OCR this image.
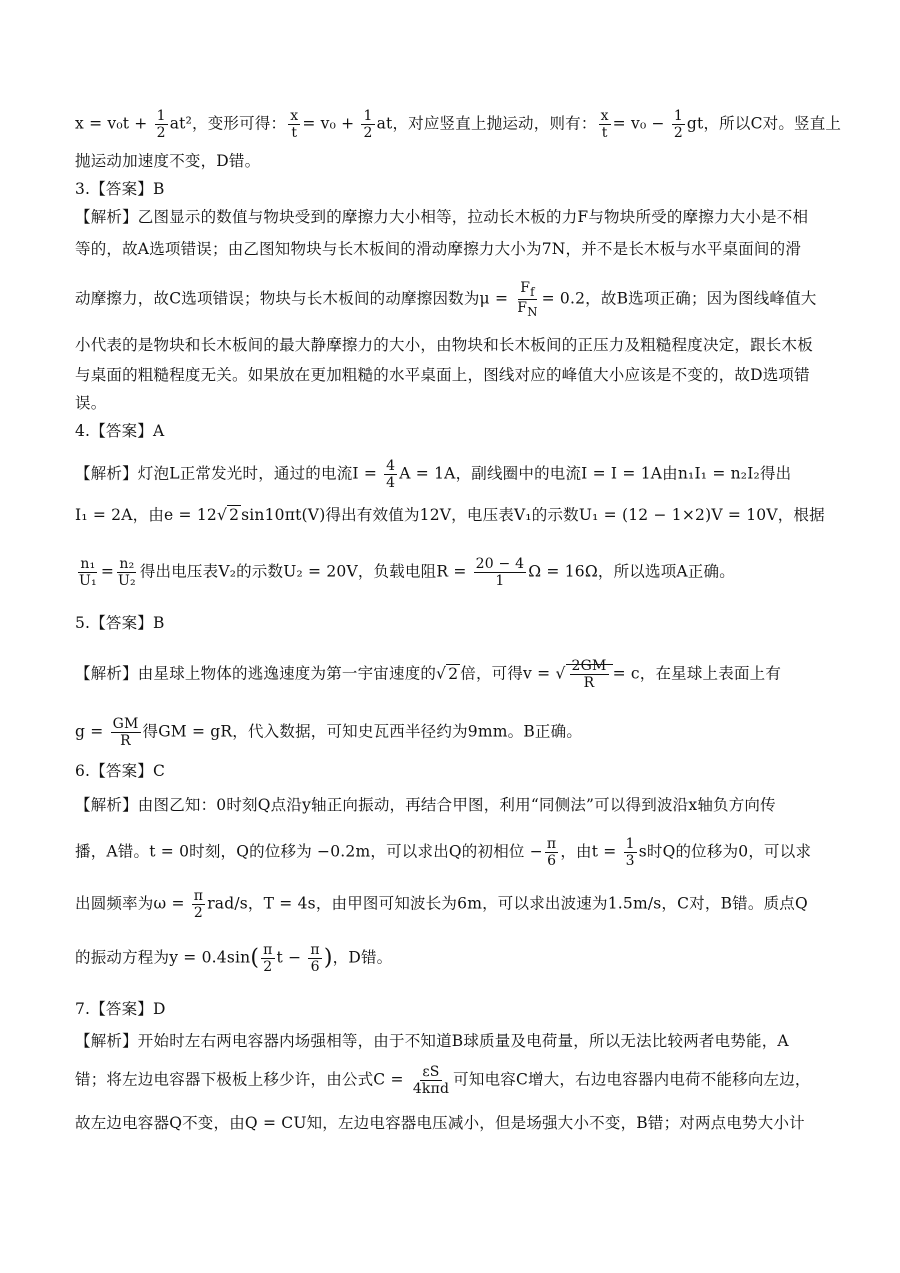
$x = v_0t + \frac{1}{2} at^2$，变形可得： $\frac{x}{t} = v_0 + \frac{1}{2}$ at，对应竖直上抛运动，则有： $\frac{x}{t} = v_0 - \frac{1}{2}$ gt，所以C对。竖直上
抛运动加速度不变，D错。
3.【答案】B
【解析】乙图显示的数值与物块受到的摩擦力大小相等，拉动长木板的力F与物块所受的摩擦力大小是不相
等的，故A选项错误；由乙图知物块与长木板间的滑动摩擦力大小为7N，并不是长木板与水平桌面间的滑
动摩擦力，故C选项错误；物块与长木板间的动摩擦因数为$\mu = \frac{F_f}{F_N} = 0.2$，故B选项正确；因为图线峰值大
小代表的是物块和长木板间的最大静摩擦力的大小，由物块和长木板间的正压力及粗糙程度决定，跟长木板
与桌面的粗糙程度无关。如果放在更加粗糙的水平桌面上，图线对应的峰值大小应该是不变的，故D选项错
误。
4.【答案】A
【解析】灯泡L正常发光时，通过的电流$I = \frac{4}{4}$ A = 1A，副线圈中的电流I = I = 1A由n₁I₁ = n₂I₂得出
I₁ = 2A，由e = 12√ 2 sin10πt(V)得出有效值为12V，电压表V₁的示数U₁ = (12 − 1×2)V = 10V，根据
$\frac{\text{n₁}}{\text{U₁}} = \frac{\text{n₂}}{\text{U₂}}$ 得出电压表V₂的示数U₂ = 20V，负载电阻$R = \frac{20 - 4}{1}$ Ω = 16Ω，所以选项A正确。
5.【答案】B
【解析】由星球上物体的逃逸速度为第一宇宙速度的√ 2 倍，可得v = √ $\frac{2GM}{R} = c$，在星球上表面上有
$g = \frac{GM}{R}$ 得GM = gR，代入数据，可知史瓦西半径约为9mm。B正确。
6.【答案】C
【解析】由图乙知：0时刻Q点沿y轴正向振动，再结合甲图，利用“同侧法”可以得到波沿x轴负方向传
播，A错。t = 0时刻，Q的位移为 −0.2m，可以求出Q的初相位 − $\frac{\pi}{6}$ ，由$t = \frac{1}{3}$ s时Q的位移为0，可以求
出圆频率为$\omega = \frac{\pi}{2} rad/s$，T = 4s，由甲图可知波长为6m，可以求出波速为1.5m/s，C对，B错。质点Q
的振动方程为$y = 0.4\sin( \frac{\pi}{2}$ $t - \frac{\pi}{6}$ )，D错。
7.【答案】D
【解析】开始时左右两电容器内场强相等，由于不知道B球质量及电荷量，所以无法比较两者电势能，A
错；将左边电容器下极板上移少许，由公式$C = \frac{\varepsilon S}{\text{4kπd}}$ 可知电容C增大，右边电容器内电荷不能移向左边，
故左边电容器Q不变，由Q = CU知，左边电容器电压减小，但是场强大小不变，B错；对两点电势大小计
